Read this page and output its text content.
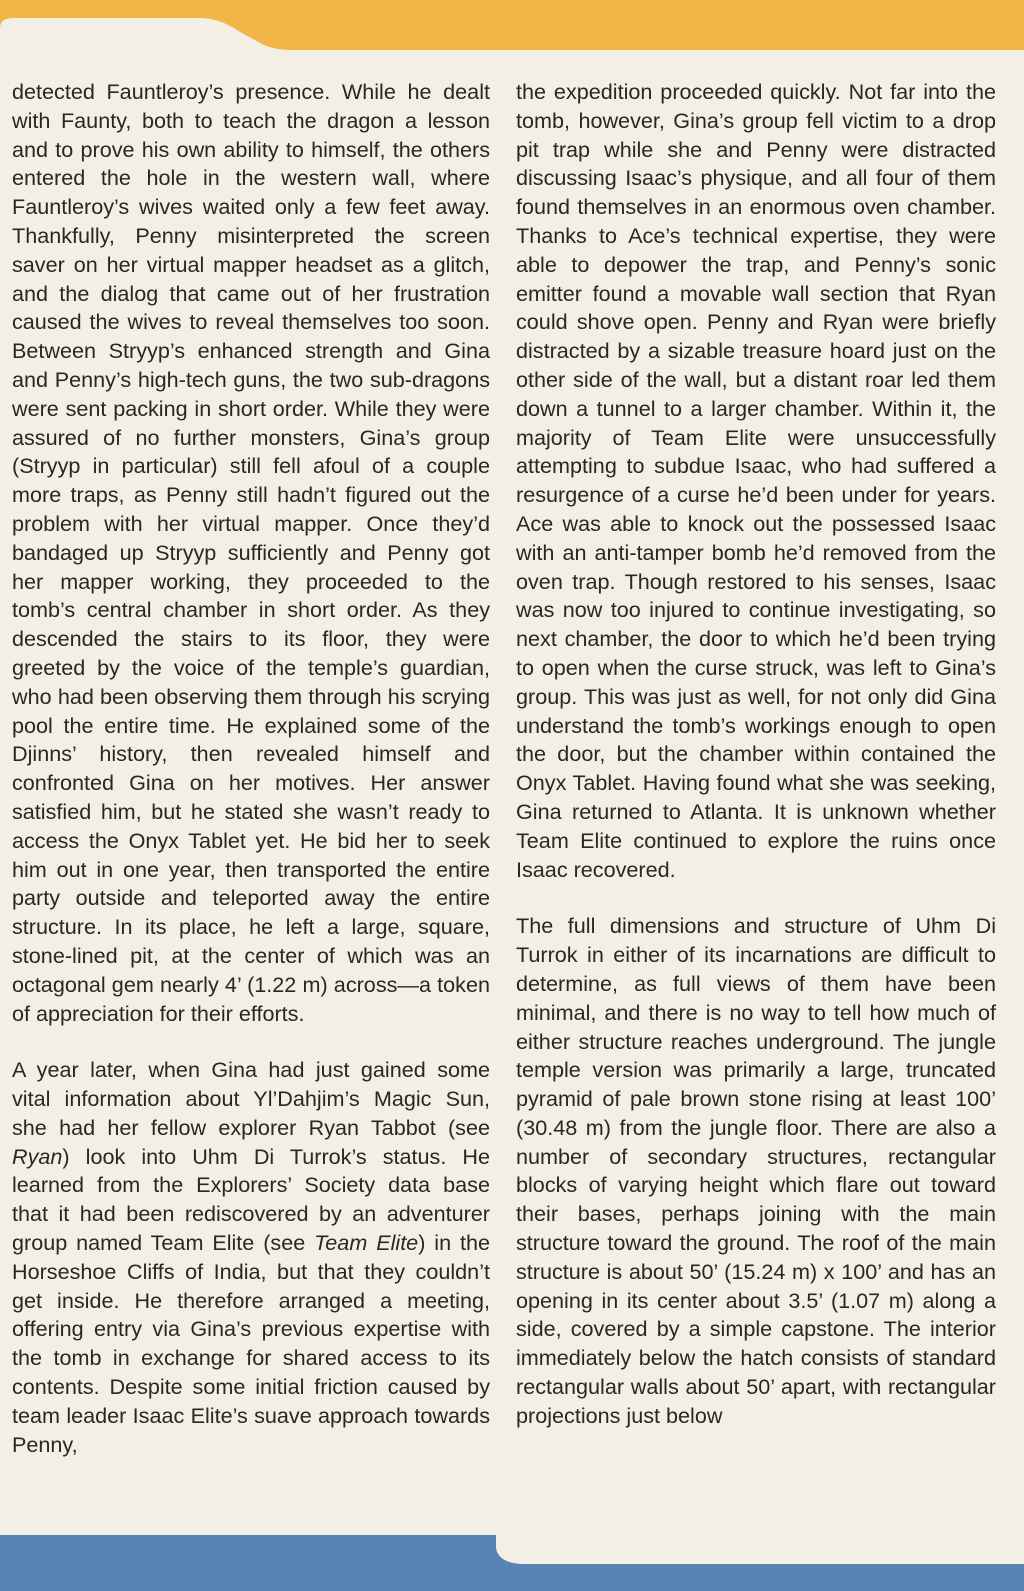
detected Fauntleroy’s presence. While he dealt with Faunty, both to teach the dragon a lesson and to prove his own ability to himself, the others entered the hole in the western wall, where Fauntleroy’s wives waited only a few feet away. Thankfully, Penny misinterpreted the screen saver on her virtual mapper headset as a glitch, and the dialog that came out of her frustration caused the wives to reveal themselves too soon. Between Stryyp’s enhanced strength and Gina and Penny’s high-tech guns, the two sub-dragons were sent packing in short order. While they were assured of no further monsters, Gina’s group (Stryyp in particular) still fell afoul of a couple more traps, as Penny still hadn’t figured out the problem with her virtual mapper. Once they’d bandaged up Stryyp sufficiently and Penny got her mapper working, they proceeded to the tomb’s central chamber in short order. As they descended the stairs to its floor, they were greeted by the voice of the temple’s guardian, who had been observing them through his scrying pool the entire time. He explained some of the Djinns’ history, then revealed himself and confronted Gina on her motives. Her answer satisfied him, but he stated she wasn’t ready to access the Onyx Tablet yet. He bid her to seek him out in one year, then transported the entire party outside and teleported away the entire structure. In its place, he left a large, square, stone-lined pit, at the center of which was an octagonal gem nearly 4’ (1.22 m) across—a token of appreciation for their efforts.

A year later, when Gina had just gained some vital information about Yl’Dahjim’s Magic Sun, she had her fellow explorer Ryan Tabbot (see Ryan) look into Uhm Di Turrok’s status. He learned from the Explorers’ Society data base that it had been rediscovered by an adventurer group named Team Elite (see Team Elite) in the Horseshoe Cliffs of India, but that they couldn’t get inside. He therefore arranged a meeting, offering entry via Gina’s previous expertise with the tomb in exchange for shared access to its contents. Despite some initial friction caused by team leader Isaac Elite’s suave approach towards Penny,

the expedition proceeded quickly. Not far into the tomb, however, Gina’s group fell victim to a drop pit trap while she and Penny were distracted discussing Isaac’s physique, and all four of them found themselves in an enormous oven chamber. Thanks to Ace’s technical expertise, they were able to depower the trap, and Penny’s sonic emitter found a movable wall section that Ryan could shove open. Penny and Ryan were briefly distracted by a sizable treasure hoard just on the other side of the wall, but a distant roar led them down a tunnel to a larger chamber. Within it, the majority of Team Elite were unsuccessfully attempting to subdue Isaac, who had suffered a resurgence of a curse he’d been under for years. Ace was able to knock out the possessed Isaac with an anti-tamper bomb he’d removed from the oven trap. Though restored to his senses, Isaac was now too injured to continue investigating, so next chamber, the door to which he’d been trying to open when the curse struck, was left to Gina’s group. This was just as well, for not only did Gina understand the tomb’s workings enough to open the door, but the chamber within contained the Onyx Tablet. Having found what she was seeking, Gina returned to Atlanta. It is unknown whether Team Elite continued to explore the ruins once Isaac recovered.

The full dimensions and structure of Uhm Di Turrok in either of its incarnations are difficult to determine, as full views of them have been minimal, and there is no way to tell how much of either structure reaches underground. The jungle temple version was primarily a large, truncated pyramid of pale brown stone rising at least 100’ (30.48 m) from the jungle floor. There are also a number of secondary structures, rectangular blocks of varying height which flare out toward their bases, perhaps joining with the main structure toward the ground. The roof of the main structure is about 50’ (15.24 m) x 100’ and has an opening in its center about 3.5’ (1.07 m) along a side, covered by a simple capstone. The interior immediately below the hatch consists of standard rectangular walls about 50’ apart, with rectangular projections just below
